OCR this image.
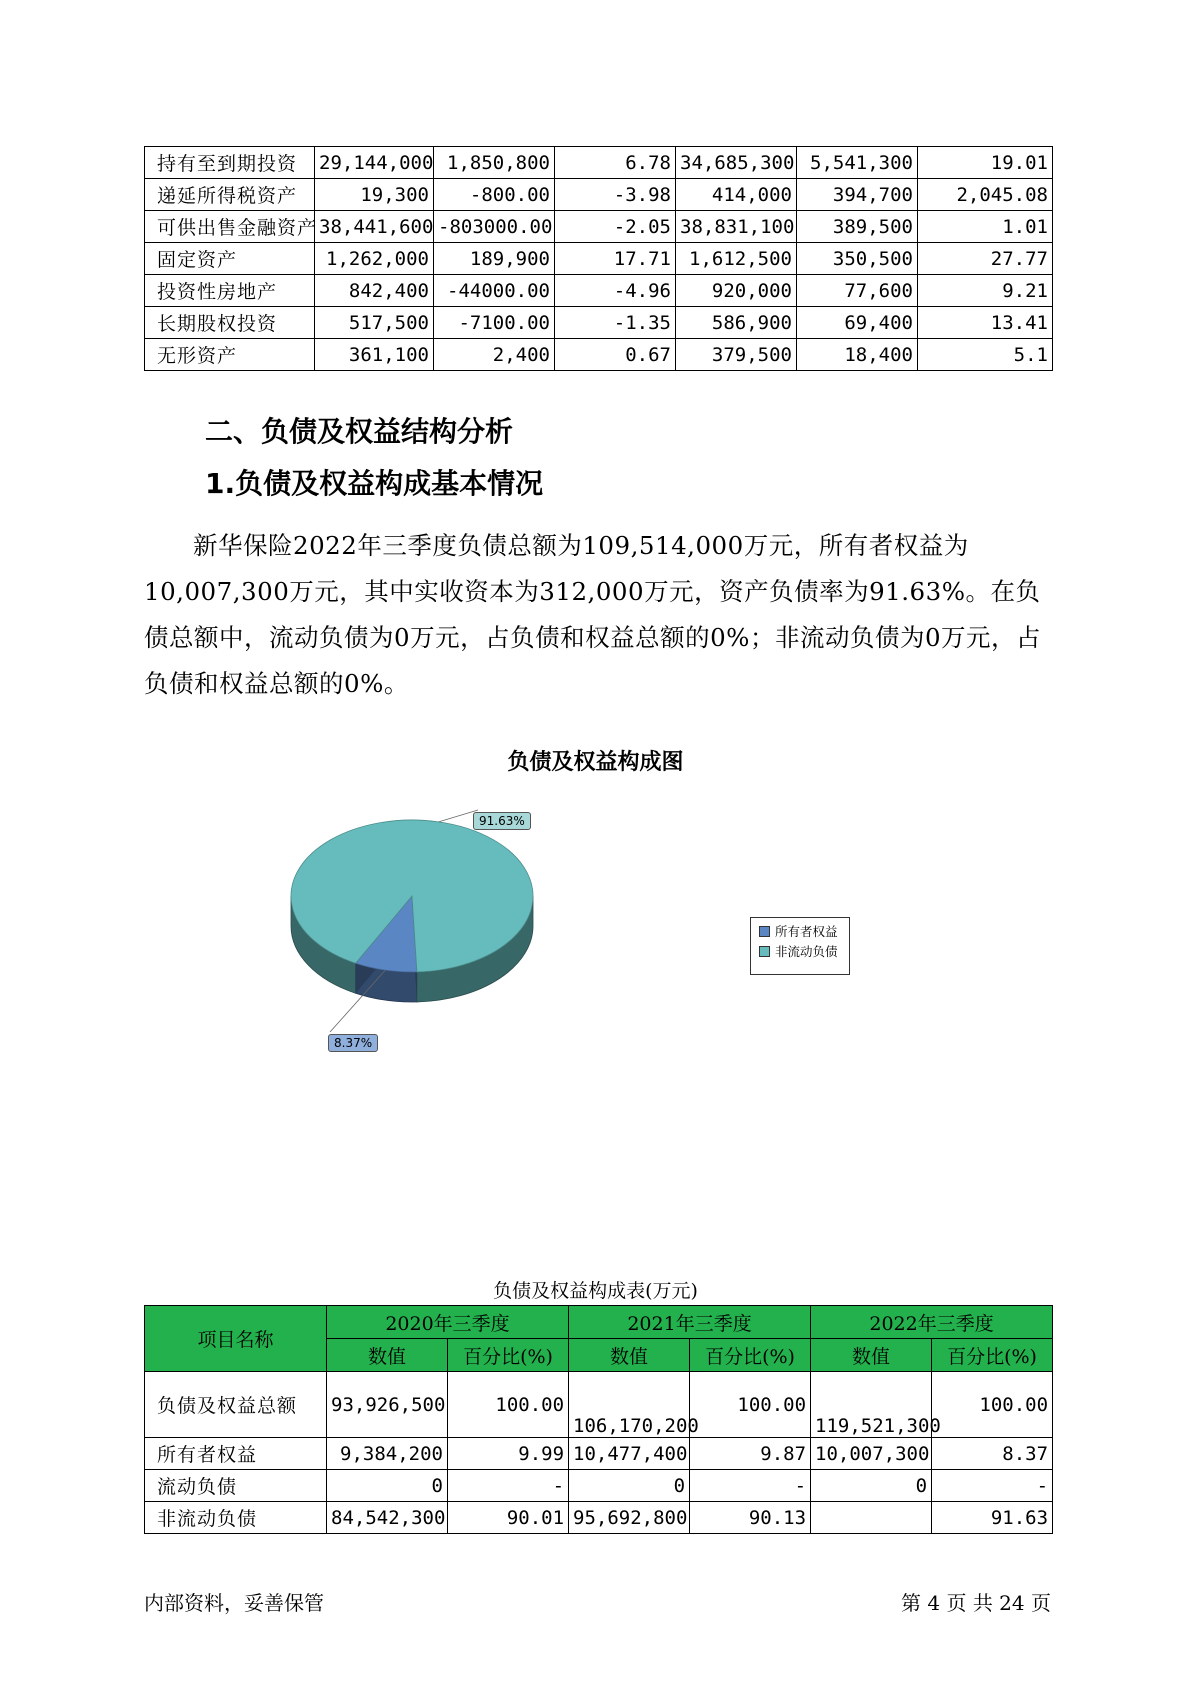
持有至到期投资	29,144,000	1,850,800	6.78	34,685,300	5,541,300	19.01
递延所得税资产	19,300	-800.00	-3.98	414,000	394,700	2,045.08
可供出售金融资产	38,441,600	-803000.00	-2.05	38,831,100	389,500	1.01
固定资产	1,262,000	189,900	17.71	1,612,500	350,500	27.77
投资性房地产	842,400	-44000.00	-4.96	920,000	77,600	9.21
长期股权投资	517,500	-7100.00	-1.35	586,900	69,400	13.41
无形资产	361,100	2,400	0.67	379,500	18,400	5.1
二、负债及权益结构分析
1.负债及权益构成基本情况

新华保险2022年三季度负债总额为109,514,000万元，所有者权益为10,007,300万元，其中实收资本为312,000万元，资产负债率为91.63%。在负债总额中，流动负债为0万元，占负债和权益总额的0%；非流动负债为0万元，占负债和权益总额的0%。

负债及权益构成图
91.63%
8.37%
所有者权益
非流动负债
负债及权益构成表(万元)
项目名称	2020年三季度		2021年三季度		2022年三季度	
	数值	百分比(%)	数值	百分比(%)	数值	百分比(%)
负债及权益总额	93,926,500	100.00	106,170,200	100.00	119,521,300	100.00
所有者权益	9,384,200	9.99	10,477,400	9.87	10,007,300	8.37
流动负债	0	-	0	-	0	-
非流动负债	84,542,300	90.01	95,692,800	90.13		91.63
内部资料，妥善保管	第 4 页 共 24 页
